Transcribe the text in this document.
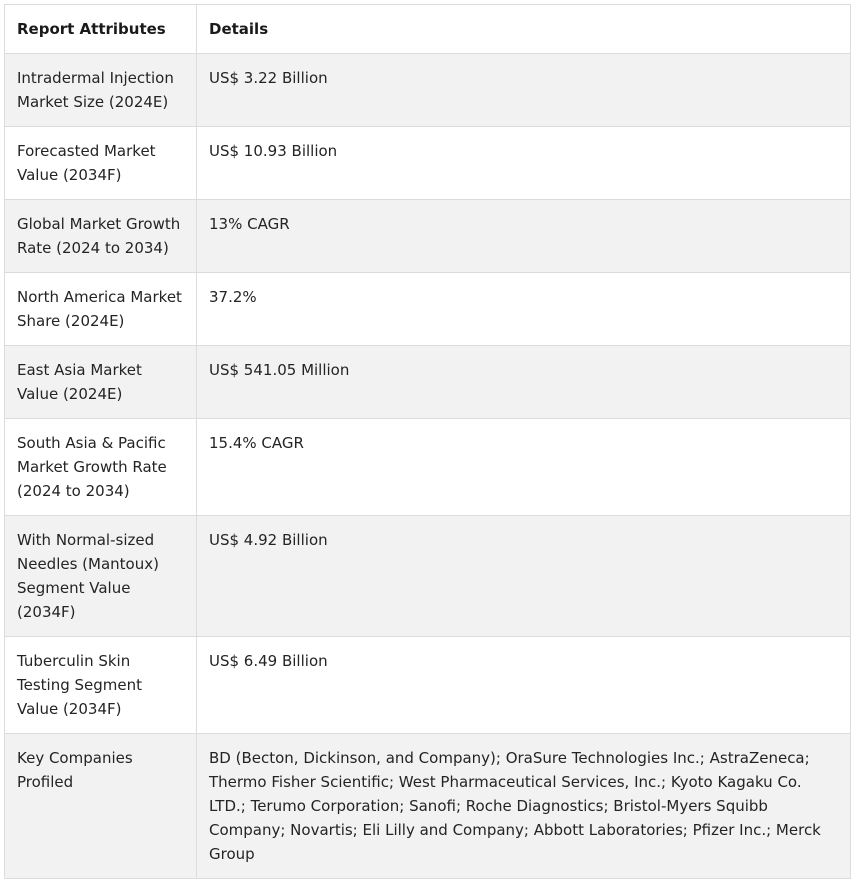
Report Attributes	Details
Intradermal Injection Market Size (2024E)	US$ 3.22 Billion
Forecasted Market Value (2034F)	US$ 10.93 Billion
Global Market Growth Rate (2024 to 2034)	13% CAGR
North America Market Share (2024E)	37.2%
East Asia Market Value (2024E)	US$ 541.05 Million
South Asia & Pacific Market Growth Rate (2024 to 2034)	15.4% CAGR
With Normal-sized Needles (Mantoux) Segment Value (2034F)	US$ 4.92 Billion
Tuberculin Skin Testing Segment Value (2034F)	US$ 6.49 Billion
Key Companies Profiled	BD (Becton, Dickinson, and Company); OraSure Technologies Inc.; AstraZeneca; Thermo Fisher Scientific; West Pharmaceutical Services, Inc.; Kyoto Kagaku Co. LTD.; Terumo Corporation; Sanofi; Roche Diagnostics; Bristol-Myers Squibb Company; Novartis; Eli Lilly and Company; Abbott Laboratories; Pfizer Inc.; Merck Group
